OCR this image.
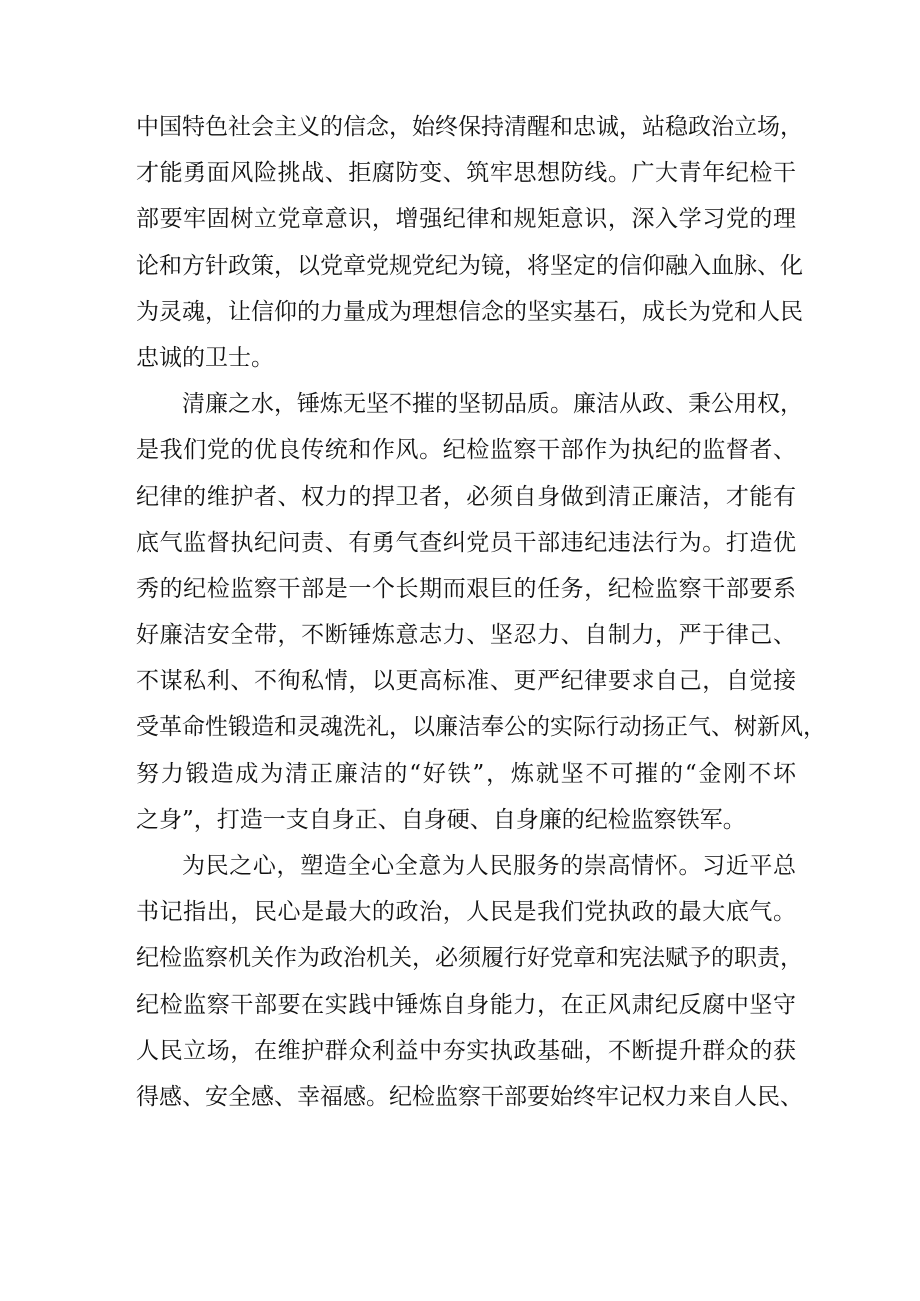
中国特色社会主义的信念，始终保持清醒和忠诚，站稳政治立场，
才能勇面风险挑战、拒腐防变、筑牢思想防线。广大青年纪检干
部要牢固树立党章意识，增强纪律和规矩意识，深入学习党的理
论和方针政策，以党章党规党纪为镜，将坚定的信仰融入血脉、化
为灵魂，让信仰的力量成为理想信念的坚实基石，成长为党和人民
忠诚的卫士。
清廉之水，锤炼无坚不摧的坚韧品质。廉洁从政、秉公用权，
是我们党的优良传统和作风。纪检监察干部作为执纪的监督者、
纪律的维护者、权力的捍卫者，必须自身做到清正廉洁，才能有
底气监督执纪问责、有勇气查纠党员干部违纪违法行为。打造优
秀的纪检监察干部是一个长期而艰巨的任务，纪检监察干部要系
好廉洁安全带，不断锤炼意志力、坚忍力、自制力，严于律己、
不谋私利、不徇私情，以更高标准、更严纪律要求自己，自觉接
受革命性锻造和灵魂洗礼，以廉洁奉公的实际行动扬正气、树新风，
努力锻造成为清正廉洁的“好铁”，炼就坚不可摧的“金刚不坏
之身”，打造一支自身正、自身硬、自身廉的纪检监察铁军。
为民之心，塑造全心全意为人民服务的崇高情怀。习近平总
书记指出，民心是最大的政治，人民是我们党执政的最大底气。
纪检监察机关作为政治机关，必须履行好党章和宪法赋予的职责，
纪检监察干部要在实践中锤炼自身能力，在正风肃纪反腐中坚守
人民立场，在维护群众利益中夯实执政基础，不断提升群众的获
得感、安全感、幸福感。纪检监察干部要始终牢记权力来自人民、
